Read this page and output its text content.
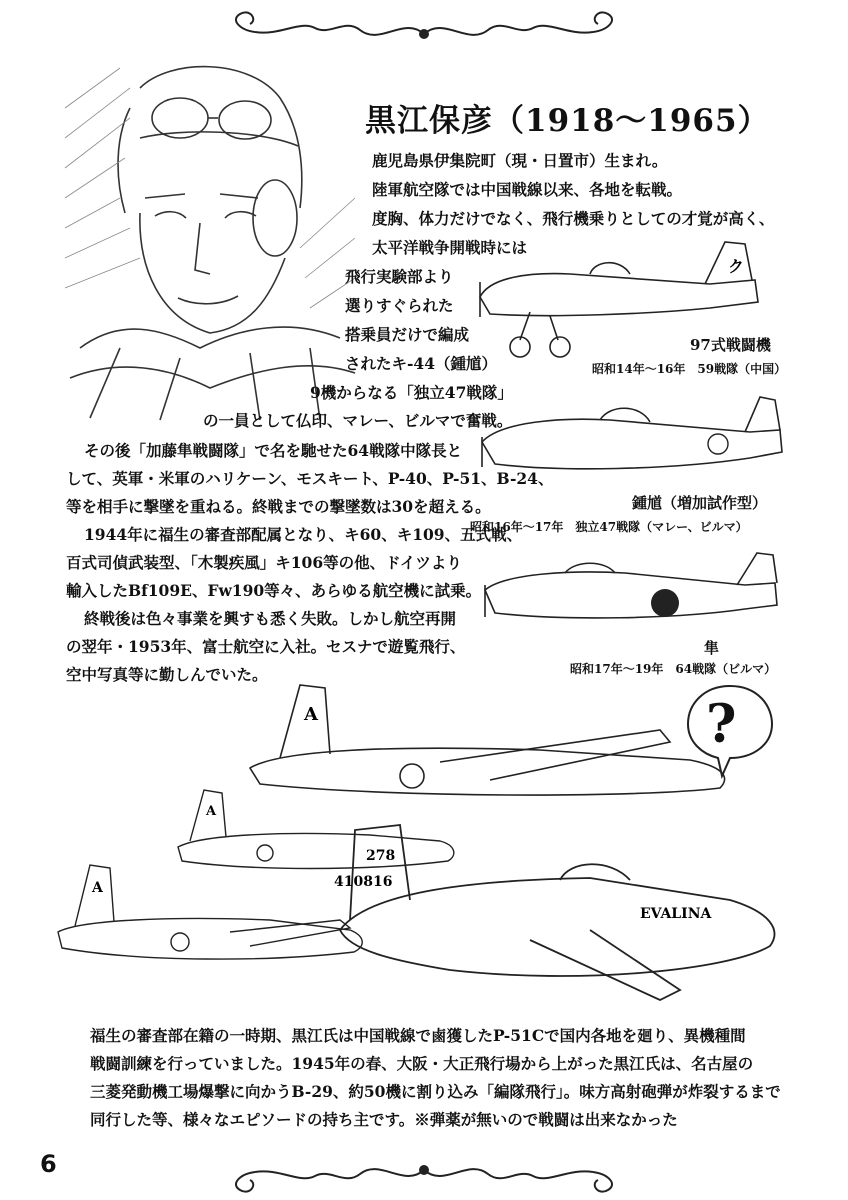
黒江保彦（1918〜1965）
鹿児島県伊集院町（現・日置市）生まれ。
陸軍航空隊では中国戦線以来、各地を転戦。
度胸、体力だけでなく、飛行機乗りとしての才覚が高く、
太平洋戦争開戦時には
飛行実験部より
選りすぐられた
搭乗員だけで編成
されたキ-44（鍾馗）
9機からなる「独立47戦隊」
の一員として仏印、マレー、ビルマで奮戦。
その後「加藤隼戦闘隊」で名を馳せた64戦隊中隊長と
して、英軍・米軍のハリケーン、モスキート、P-40、P-51、B-24、
等を相手に撃墜を重ねる。終戦までの撃墜数は30を超える。
1944年に福生の審査部配属となり、キ60、キ109、五式戦、
百式司偵武装型、「木製疾風」キ106等の他、ドイツより
輸入したBf109E、Fw190等々、あらゆる航空機に試乗。
終戦後は色々事業を興すも悉く失敗。しかし航空再開
の翌年・1953年、富士航空に入社。セスナで遊覧飛行、
空中写真等に勤しんでいた。
ク
97式戦闘機
昭和14年〜16年　59戦隊（中国）
鍾馗（増加試作型）
昭和16年〜17年　独立47戦隊（マレー、ビルマ）
隼
昭和17年〜19年　64戦隊（ビルマ）
?
A
A
A
278
410816
EVALINA
福生の審査部在籍の一時期、黒江氏は中国戦線で鹵獲したP-51Cで国内各地を廻り、異機種間
戦闘訓練を行っていました。1945年の春、大阪・大正飛行場から上がった黒江氏は、名古屋の
三菱発動機工場爆撃に向かうB-29、約50機に割り込み「編隊飛行」。味方高射砲弾が炸裂するまで
同行した等、様々なエピソードの持ち主です。※弾薬が無いので戦闘は出来なかった
6
